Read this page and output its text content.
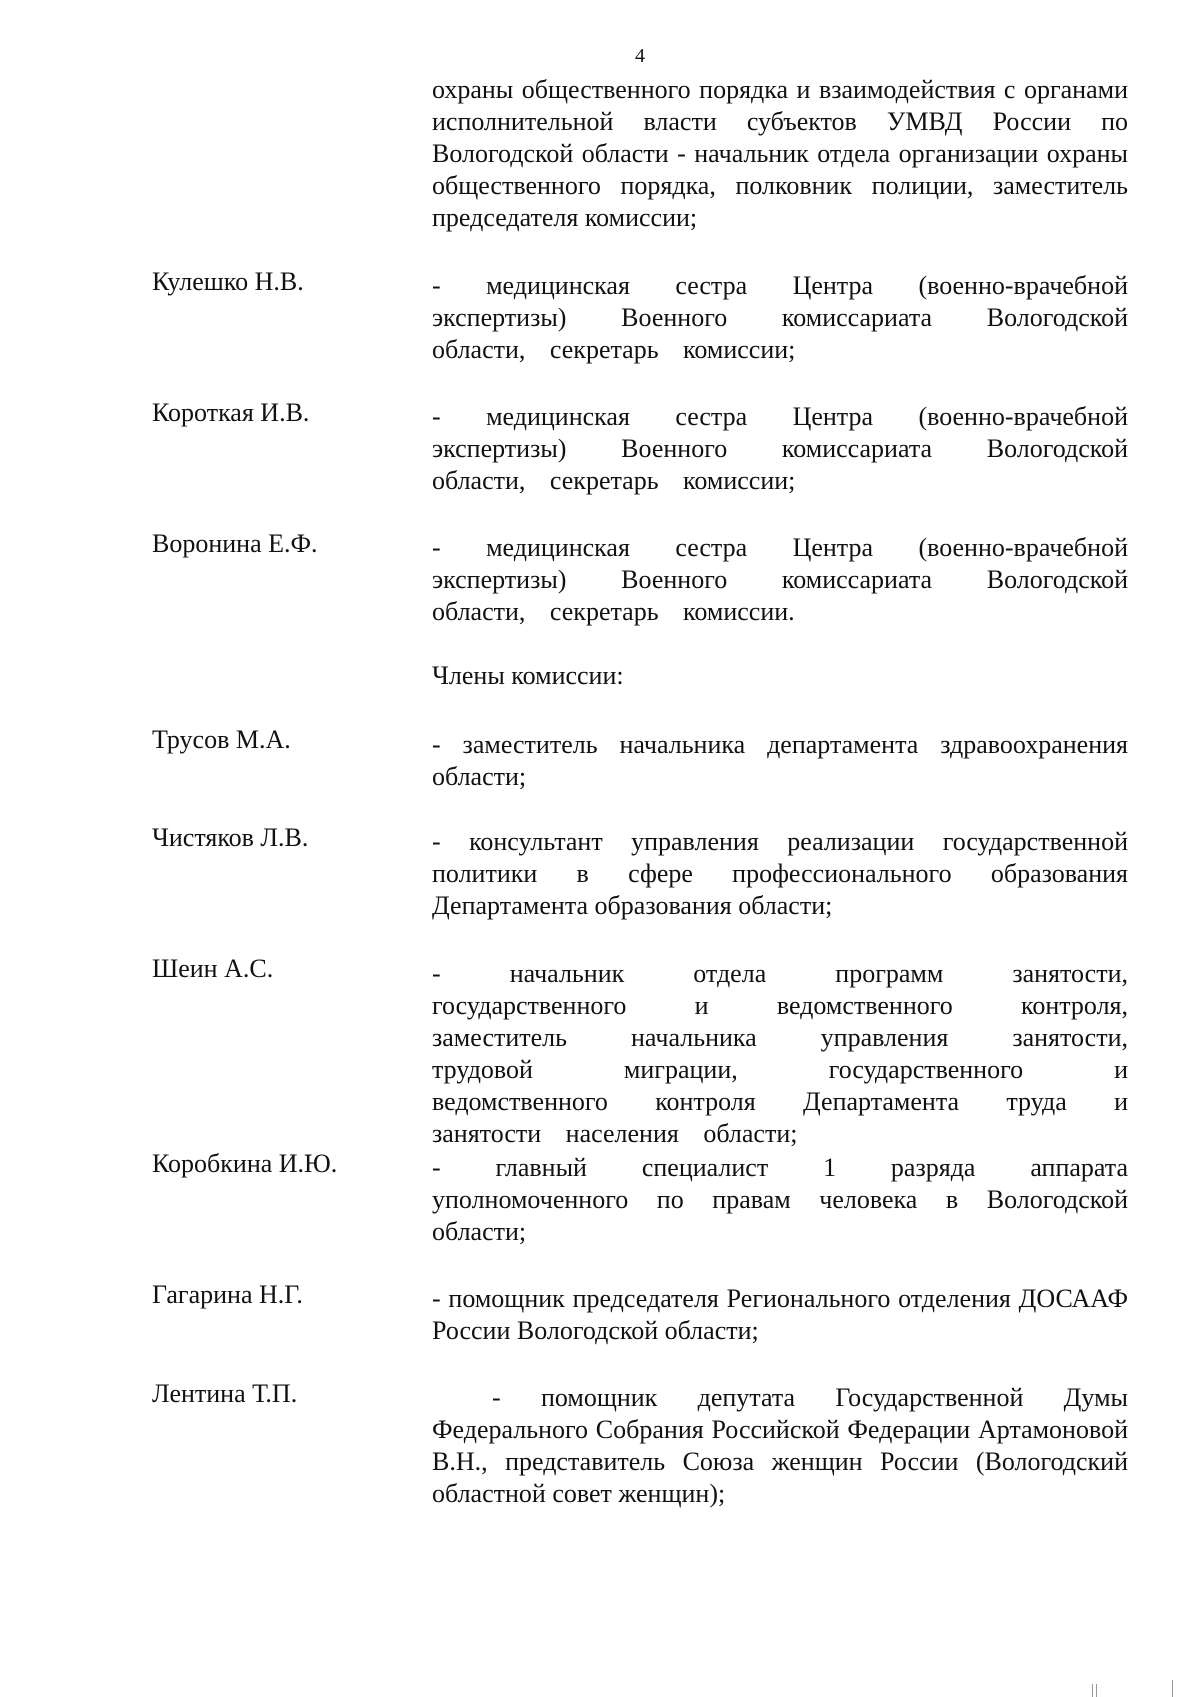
4
охраны общественного порядка и взаимодействия с органами исполнительной власти субъектов УМВД России по Вологодской области - начальник отдела организации охраны общественного порядка, полковник полиции, заместитель председателя комиссии;
Кулешко Н.В.	- медицинская сестра Центра (военно-врачебной экспертизы) Военного комиссариата Вологодской области, секретарь комиссии;
Короткая И.В.	- медицинская сестра Центра (военно-врачебной экспертизы) Военного комиссариата Вологодской области, секретарь комиссии;
Воронина Е.Ф.	- медицинская сестра Центра (военно-врачебной экспертизы) Военного комиссариата Вологодской области, секретарь комиссии.
Члены комиссии:
Трусов М.А.	- заместитель начальника департамента здравоохранения области;
Чистяков Л.В.	- консультант управления реализации государственной политики в сфере профессионального образования Департамента образования области;
Шеин А.С.	- начальник отдела программ занятости, государственного и ведомственного контроля, заместитель начальника управления занятости, трудовой миграции, государственного и ведомственного контроля Департамента труда и занятости населения области;
Коробкина И.Ю.	- главный специалист 1 разряда аппарата уполномоченного по правам человека в Вологодской области;
Гагарина Н.Г.	- помощник председателя Регионального отделения ДОСААФ России Вологодской области;
Лентина Т.П.	- помощник депутата Государственной Думы Федерального Собрания Российской Федерации Артамоновой В.Н., представитель Союза женщин России (Вологодский областной совет женщин);
